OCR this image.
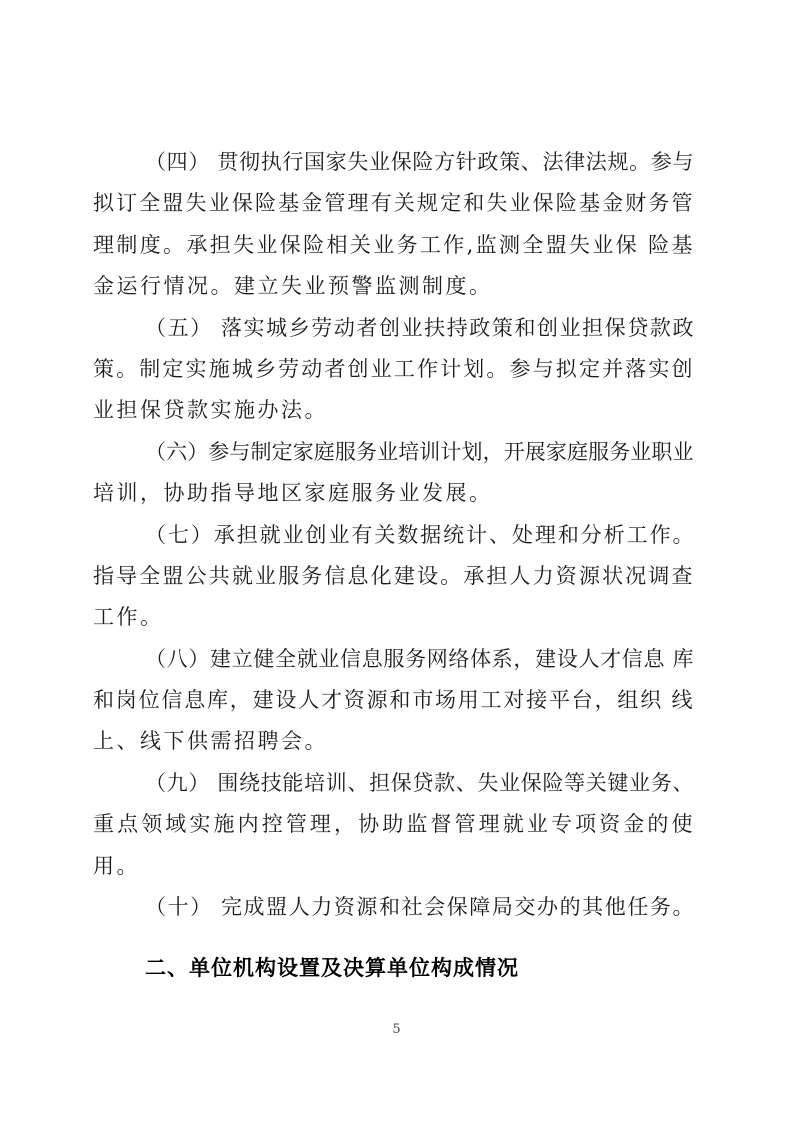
（四） 贯彻执行国家失业保险方针政策、法律法规。参与
拟订全盟失业保险基金管理有关规定和失业保险基金财务管
理制度。承担失业保险相关业务工作,监测全盟失业保 险基
金运行情况。建立失业预警监测制度。
（五） 落实城乡劳动者创业扶持政策和创业担保贷款政
策。制定实施城乡劳动者创业工作计划。参与拟定并落实创
业担保贷款实施办法。
（六）参与制定家庭服务业培训计划，开展家庭服务业职业
培训，协助指导地区家庭服务业发展。
（七）承担就业创业有关数据统计、处理和分析工作。
指导全盟公共就业服务信息化建设。承担人力资源状况调查
工作。
（八）建立健全就业信息服务网络体系，建设人才信息 库
和岗位信息库，建设人才资源和市场用工对接平台，组织 线
上、线下供需招聘会。
（九） 围绕技能培训、担保贷款、失业保险等关键业务、
重点领域实施内控管理，协助监督管理就业专项资金的使
用。
（十） 完成盟人力资源和社会保障局交办的其他任务。
二、单位机构设置及决算单位构成情况
5
